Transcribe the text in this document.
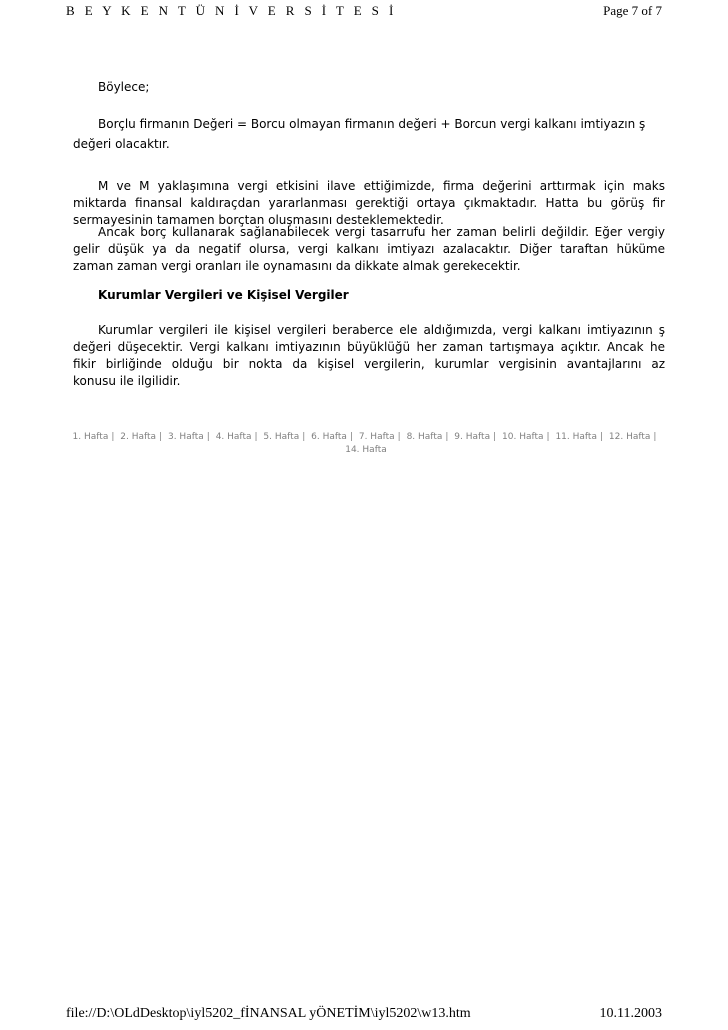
B E Y K E N T Ü N İ V E R S İ T E S İ	Page 7 of 7
Böylece;
Borçlu firmanın Değeri = Borcu olmayan firmanın değeri + Borcun vergi kalkanı imtiyazın ş
değeri olacaktır.
M ve M yaklaşımına vergi etkisini ilave ettiğimizde, firma değerini arttırmak için maks
miktarda finansal kaldıraçdan yararlanması gerektiği ortaya çıkmaktadır. Hatta bu görüş fir
sermayesinin tamamen borçtan oluşmasını desteklemektedir.
Ancak borç kullanarak sağlanabilecek vergi tasarrufu her zaman belirli değildir. Eğer vergiy
gelir düşük ya da negatif olursa, vergi kalkanı imtiyazı azalacaktır. Diğer taraftan hüküme
zaman zaman vergi oranları ile oynamasını da dikkate almak gerekecektir.
Kurumlar Vergileri ve Kişisel Vergiler
Kurumlar vergileri ile kişisel vergileri beraberce ele aldığımızda, vergi kalkanı imtiyazının ş
değeri düşecektir. Vergi kalkanı imtiyazının büyüklüğü her zaman tartışmaya açıktır. Ancak he
fikir birliğinde olduğu bir nokta da kişisel vergilerin, kurumlar vergisinin avantajlarını az
konusu ile ilgilidir.
1. Hafta | 2. Hafta | 3. Hafta | 4. Hafta | 5. Hafta | 6. Hafta | 7. Hafta | 8. Hafta | 9. Hafta | 10. Hafta | 11. Hafta | 12. Hafta | 14. Hafta
file://D:\OLdDesktop\iyl5202_fİNANSAL yÖNETİM\iyl5202\w13.htm	10.11.2003
